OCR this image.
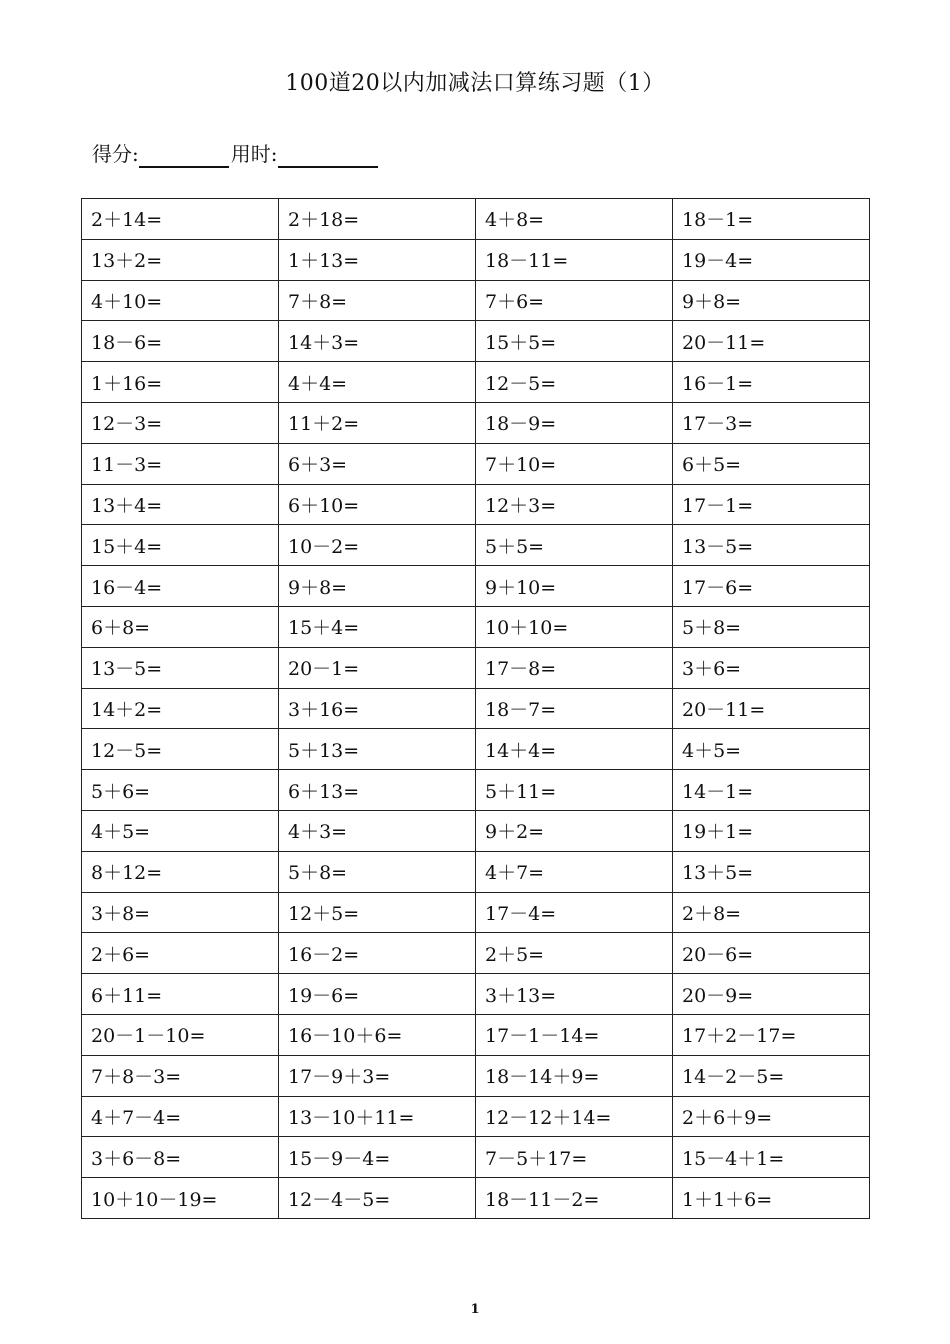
100道20以内加减法口算练习题（1）
得分:	用时:
2＋14=	2＋18=	4＋8=	18－1=
13＋2=	1＋13=	18－11=	19－4=
4＋10=	7＋8=	7＋6=	9＋8=
18－6=	14＋3=	15＋5=	20－11=
1＋16=	4＋4=	12－5=	16－1=
12－3=	11＋2=	18－9=	17－3=
11－3=	6＋3=	7＋10=	6＋5=
13＋4=	6＋10=	12＋3=	17－1=
15＋4=	10－2=	5＋5=	13－5=
16－4=	9＋8=	9＋10=	17－6=
6＋8=	15＋4=	10＋10=	5＋8=
13－5=	20－1=	17－8=	3＋6=
14＋2=	3＋16=	18－7=	20－11=
12－5=	5＋13=	14＋4=	4＋5=
5＋6=	6＋13=	5＋11=	14－1=
4＋5=	4＋3=	9＋2=	19＋1=
8＋12=	5＋8=	4＋7=	13＋5=
3＋8=	12＋5=	17－4=	2＋8=
2＋6=	16－2=	2＋5=	20－6=
6＋11=	19－6=	3＋13=	20－9=
20－1－10=	16－10＋6=	17－1－14=	17＋2－17=
7＋8－3=	17－9＋3=	18－14＋9=	14－2－5=
4＋7－4=	13－10＋11=	12－12＋14=	2＋6＋9=
3＋6－8=	15－9－4=	7－5＋17=	15－4＋1=
10＋10－19=	12－4－5=	18－11－2=	1＋1＋6=
1
